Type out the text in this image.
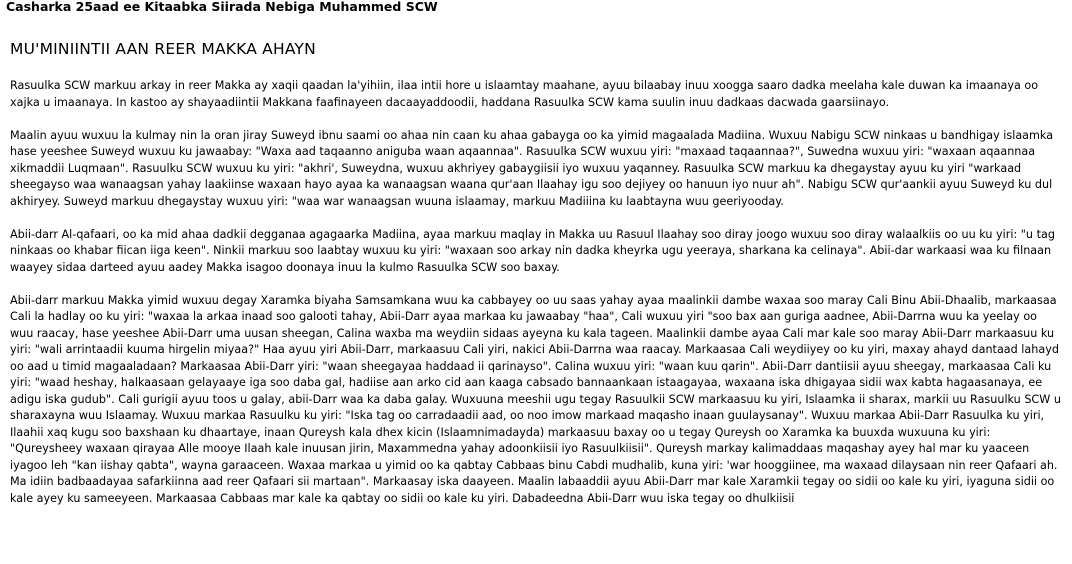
Casharka 25aad ee Kitaabka Siirada Nebiga Muhammed SCW
MU'MINIINTII AAN REER MAKKA AHAYN

Rasuulka SCW markuu arkay in reer Makka ay xaqii qaadan la'yihiin, ilaa intii hore u islaamtay maahane, ayuu bilaabay inuu xoogga saaro dadka meelaha kale duwan ka imaanaya oo xajka u imaanaya. In kastoo ay shayaadiintii Makkana faafinayeen dacaayaddoodii, haddana Rasuulka SCW kama suulin inuu dadkaas dacwada gaarsiinayo.

Maalin ayuu wuxuu la kulmay nin la oran jiray Suweyd ibnu saami oo ahaa nin caan ku ahaa gabayga oo ka yimid magaalada Madiina. Wuxuu Nabigu SCW ninkaas u bandhigay islaamka hase yeeshee Suweyd wuxuu ku jawaabay: "Waxa aad taqaanno aniguba waan aqaannaa". Rasuulka SCW wuxuu yiri: "maxaad taqaannaa?", Suwedna wuxuu yiri: "waxaan aqaannaa xikmaddii Luqmaan". Rasuulku SCW wuxuu ku yiri: "akhri', Suweydna, wuxuu akhriyey gabaygiisii iyo wuxuu yaqanney. Rasuulka SCW markuu ka dhegaystay ayuu ku yiri "warkaad sheegayso waa wanaagsan yahay laakiinse waxaan hayo ayaa ka wanaagsan waana qur'aan Ilaahay igu soo dejiyey oo hanuun iyo nuur ah". Nabigu SCW qur'aankii ayuu Suweyd ku dul akhiryey. Suweyd markuu dhegaystay wuxuu yiri: "waa war wanaagsan wuuna islaamay, markuu Madiiina ku laabtayna wuu geeriyooday.

Abii-darr Al-qafaari, oo ka mid ahaa dadkii degganaa agagaarka Madiina, ayaa markuu maqlay in Makka uu Rasuul Ilaahay soo diray joogo wuxuu soo diray walaalkiis oo uu ku yiri: "u tag ninkaas oo khabar fiican iiga keen". Ninkii markuu soo laabtay wuxuu ku yiri: "waxaan soo arkay nin dadka kheyrka ugu yeeraya, sharkana ka celinaya". Abii-dar warkaasi waa ku filnaan waayey sidaa darteed ayuu aadey Makka isagoo doonaya inuu la kulmo Rasuulka SCW soo baxay.

Abii-darr markuu Makka yimid wuxuu degay Xaramka biyaha Samsamkana wuu ka cabbayey oo uu saas yahay ayaa maalinkii dambe waxaa soo maray Cali Binu Abii-Dhaalib, markaasaa Cali la hadlay oo ku yiri: "waxaa la arkaa inaad soo galooti tahay, Abii-Darr ayaa markaa ku jawaabay "haa", Cali wuxuu yiri "soo bax aan guriga aadnee, Abii-Darrna wuu ka yeelay oo wuu raacay, hase yeeshee Abii-Darr uma uusan sheegan, Calina waxba ma weydiin sidaas ayeyna ku kala tageen. Maalinkii dambe ayaa Cali mar kale soo maray Abii-Darr markaasuu ku yiri: "wali arrintaadii kuuma hirgelin miyaa?" Haa ayuu yiri Abii-Darr, markaasuu Cali yiri, nakici Abii-Darrna waa raacay. Markaasaa Cali weydiiyey oo ku yiri, maxay ahayd dantaad lahayd oo aad u timid magaaladaan? Markaasaa Abii-Darr yiri: "waan sheegayaa haddaad ii qarinayso". Calina wuxuu yiri: "waan kuu qarin". Abii-Darr dantiisii ayuu sheegay, markaasaa Cali ku yiri: "waad heshay, halkaasaan gelayaaye iga soo daba gal, hadiise aan arko cid aan kaaga cabsado bannaankaan istaagayaa, waxaana iska dhigayaa sidii wax kabta hagaasanaya, ee adigu iska gudub". Cali gurigii ayuu toos u galay, abii-Darr waa ka daba galay. Wuxuuna meeshii ugu tegay Rasuulkii SCW markaasuu ku yiri, Islaamka ii sharax, markii uu Rasuulku SCW u sharaxayna wuu Islaamay. Wuxuu markaa Rasuulku ku yiri: "Iska tag oo carradaadii aad, oo noo imow markaad maqasho inaan guulaysanay". Wuxuu markaa Abii-Darr Rasuulka ku yiri, Ilaahii xaq kugu soo baxshaan ku dhaartaye, inaan Qureysh kala dhex kicin (Islaamnimadayda) markaasuu baxay oo u tegay Qureysh oo Xaramka ka buuxda wuxuuna ku yiri: "Qureysheey waxaan qirayaa Alle mooye Ilaah kale inuusan jirin, Maxammedna yahay adoonkiisii iyo Rasuulkiisii". Qureysh markay kalimaddaas maqashay ayey hal mar ku yaaceen iyagoo leh "kan iishay qabta", wayna garaaceen. Waxaa markaa u yimid oo ka qabtay Cabbaas binu Cabdi mudhalib, kuna yiri: 'war hooggiinee, ma waxaad dilaysaan nin reer Qafaari ah. Ma idiin badbaadayaa safarkiinna aad reer Qafaari sii martaan". Markaasay iska daayeen. Maalin labaaddii ayuu Abii-Darr mar kale Xaramkii tegay oo sidii oo kale ku yiri, iyaguna sidii oo kale ayey ku sameeyeen. Markaasaa Cabbaas mar kale ka qabtay oo sidii oo kale ku yiri. Dabadeedna Abii-Darr wuu iska tegay oo dhulkiisii
